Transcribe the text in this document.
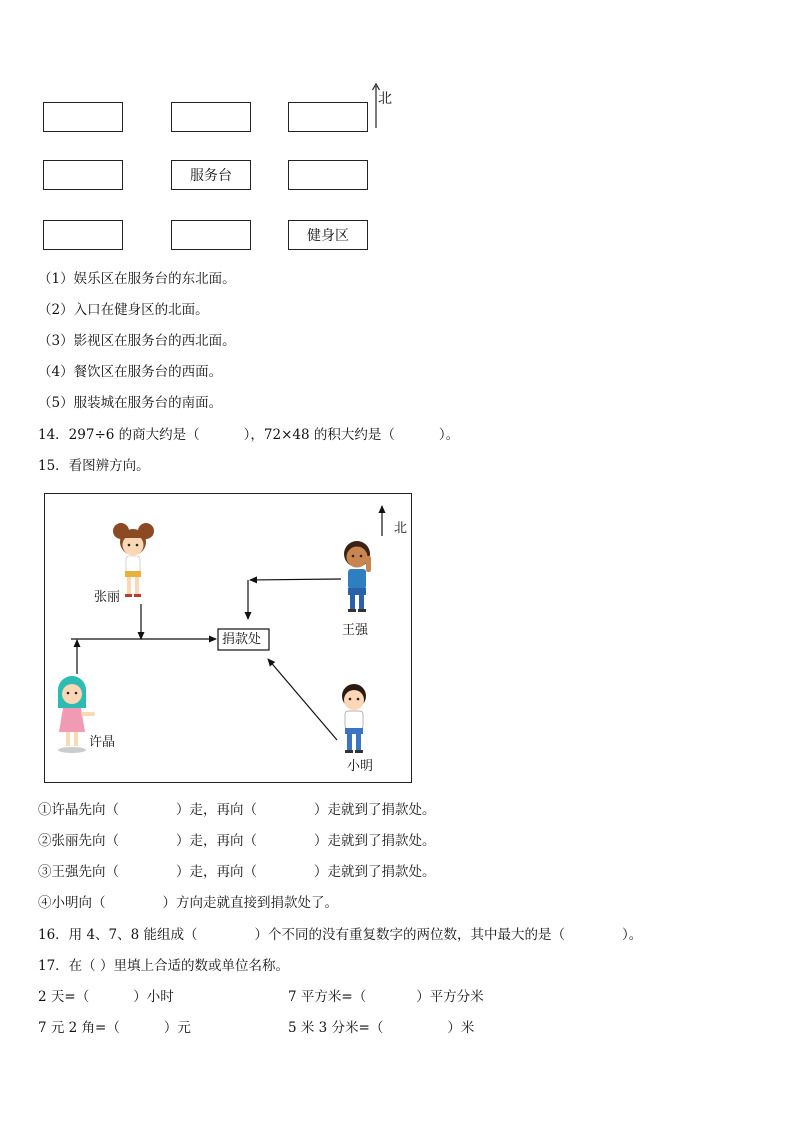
服务台
健身区
北
（1）娱乐区在服务台的东北面。
（2）入口在健身区的北面。
（3）影视区在服务台的西北面。
（4）餐饮区在服务台的西面。
（5）服装城在服务台的南面。
14．297÷6 的商大约是（	），72×48 的积大约是（	）。
15．看图辨方向。
北
捐款处
张丽
王强
许晶
小明
①许晶先向（	）走，再向（	）走就到了捐款处。
②张丽先向（	）走，再向（	）走就到了捐款处。
③王强先向（	）走，再向（	）走就到了捐款处。
④小明向（	）方向走就直接到捐款处了。
16．用 4、7、8 能组成（	）个不同的没有重复数字的两位数，其中最大的是（	）。
17．在（ ）里填上合适的数或单位名称。
2 天=（	）小时	7 平方米=（	）平方分米
7 元 2 角=（	）元	5 米 3 分米=（	）米
